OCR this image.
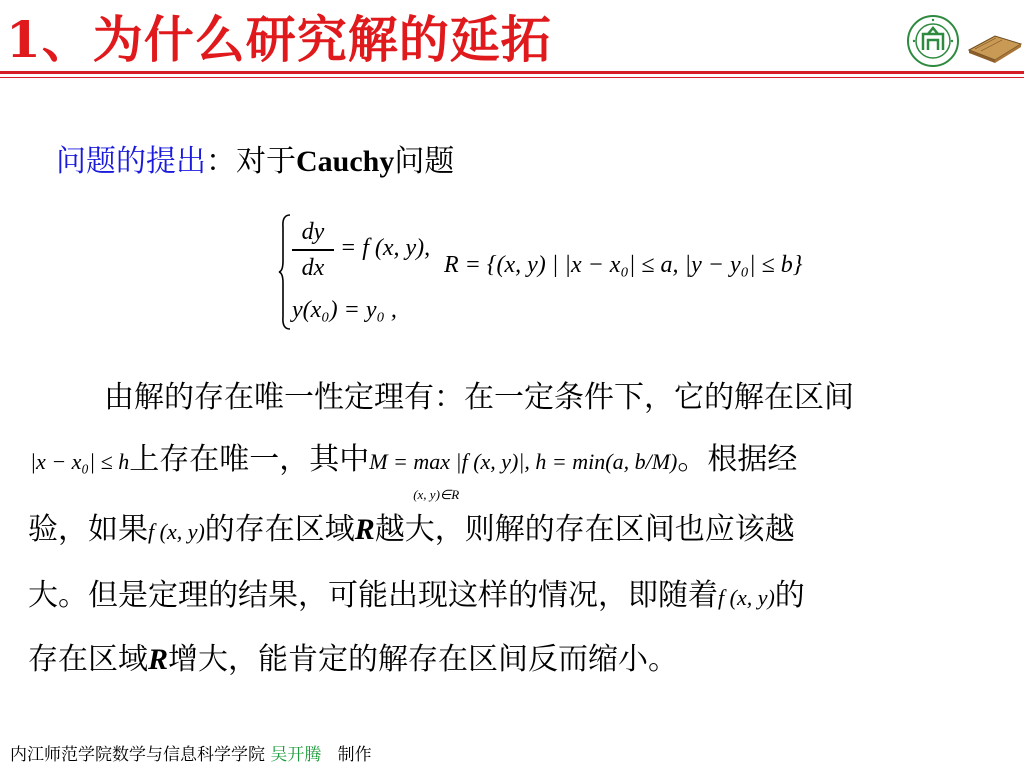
1、为什么研究解的延拓
问题的提出：对于Cauchy问题
dy
dx
= f (x, y),
y(x₀) = y₀ ,
R = {(x, y) | |x − x₀| ≤ a, |y − y₀| ≤ b}
由解的存在唯一性定理有：在一定条件下，它的解在区间
|x − x₀| ≤ h上存在唯一，其中M = max |f (x, y)|, h = min(a, b/M)
(x, y)∈R
。根据经
验，如果f (x, y)的存在区域R越大，则解的存在区间也应该越
大。但是定理的结果，可能出现这样的情况，即随着f (x, y)的
存在区域R增大，能肯定的解存在区间反而缩小。
内江师范学院数学与信息科学学院 吴开腾 制作
